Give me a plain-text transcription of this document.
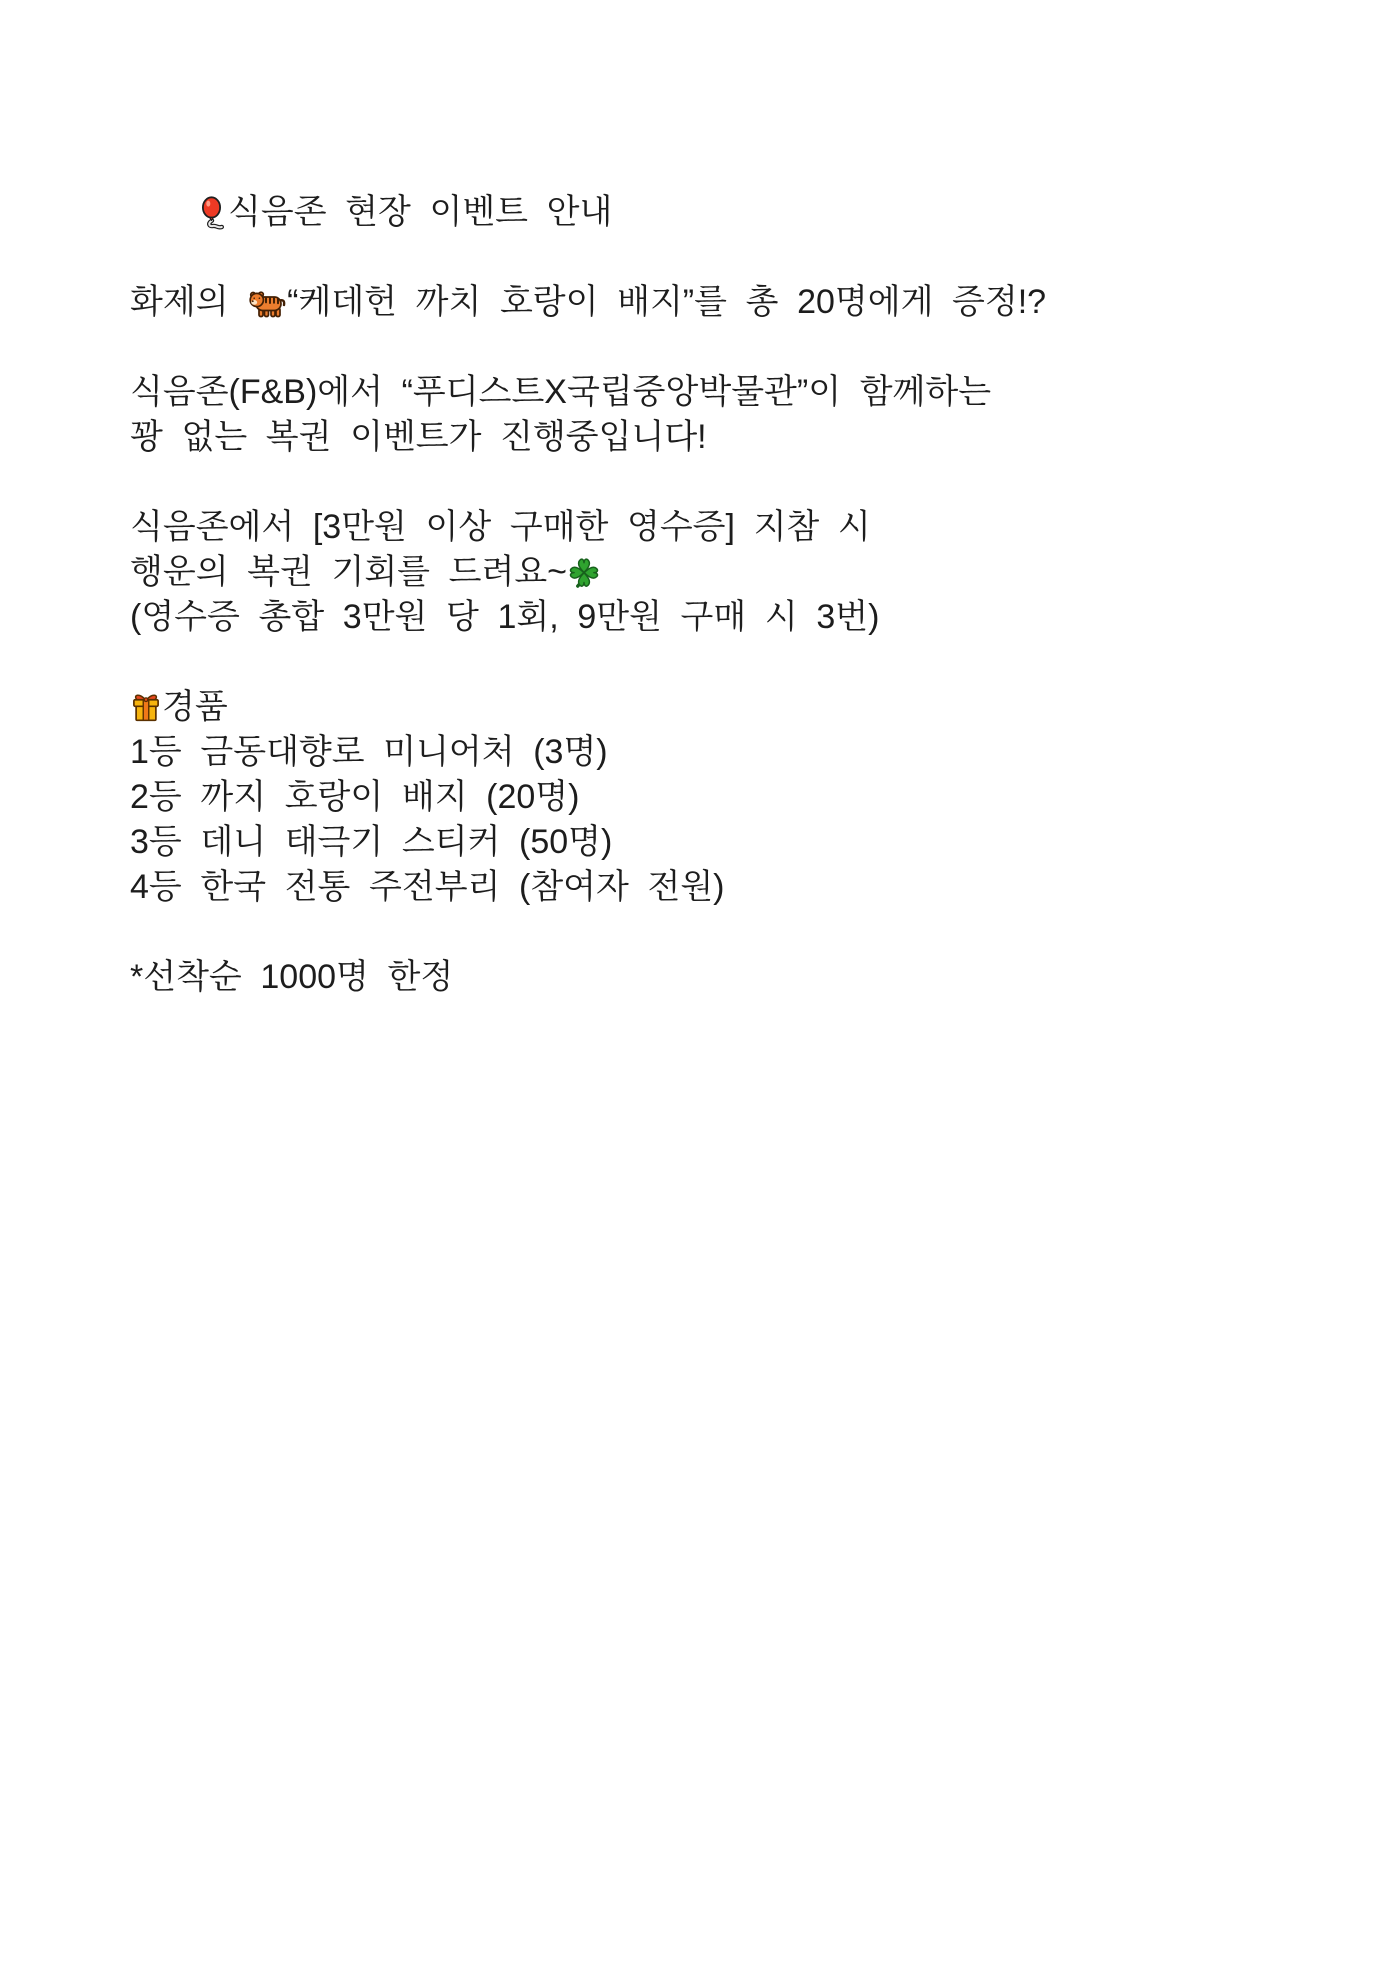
식음존 현장 이벤트 안내

화제의 “케데헌 까치 호랑이 배지”를 총 20명에게 증정!?

식음존(F&B)에서 “푸디스트X국립중앙박물관”이 함께하는
꽝 없는 복권 이벤트가 진행중입니다!

식음존에서 [3만원 이상 구매한 영수증] 지참 시
행운의 복권 기회를 드려요~
(영수증 총합 3만원 당 1회, 9만원 구매 시 3번)

경품
1등 금동대향로 미니어처 (3명)
2등 까지 호랑이 배지 (20명)
3등 데니 태극기 스티커 (50명)
4등 한국 전통 주전부리 (참여자 전원)

*선착순 1000명 한정
